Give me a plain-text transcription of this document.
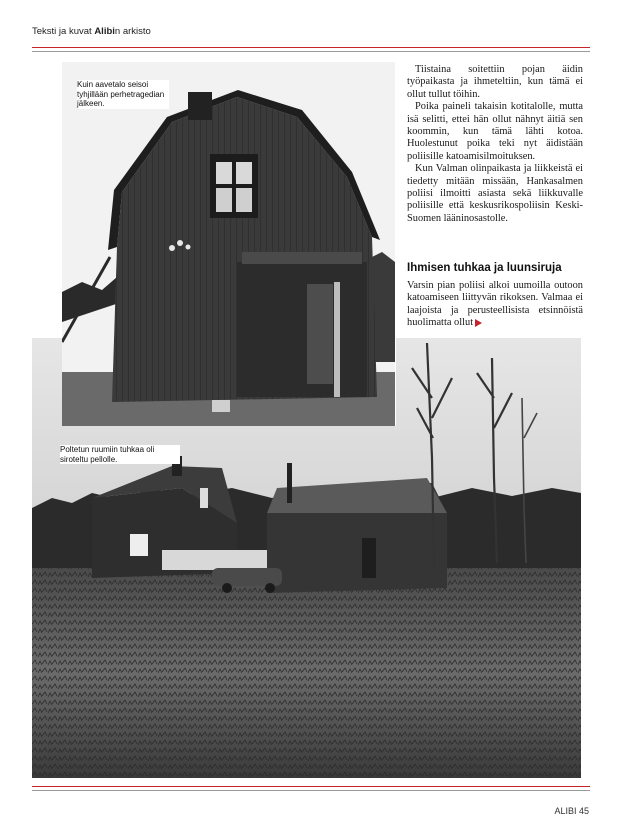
Teksti ja kuvat Alibin arkisto
Kuin aavetalo seisoi tyhjillään perhetragedian jälkeen.
Poltetun ruumiin tuhkaa oli siroteltu pellolle.

Tiistaina soitettiin pojan äidin työpaikasta ja ihmeteltiin, kun tämä ei ollut tullut töihin.

Poika paineli takaisin kotitalolle, mutta isä selitti, ettei hän ollut nähnyt äitiä sen koommin, kun tämä lähti kotoa. Huolestunut poika teki nyt äidistään poliisille katoamisilmoituksen.

Kun Valman olinpaikasta ja liikkeistä ei tiedetty mitään missään, Hankasalmen poliisi ilmoitti asiasta sekä liikkuvalle poliisille että keskusrikospoliisin Keski-Suomen lääninosastolle.

Ihmisen tuhkaa ja luunsiruja

Varsin pian poliisi alkoi uumoilla outoon katoamiseen liittyvän rikoksen. Valmaa ei laajoista ja perusteellisista etsinnöistä huolimatta ollut

ALIBI 45
